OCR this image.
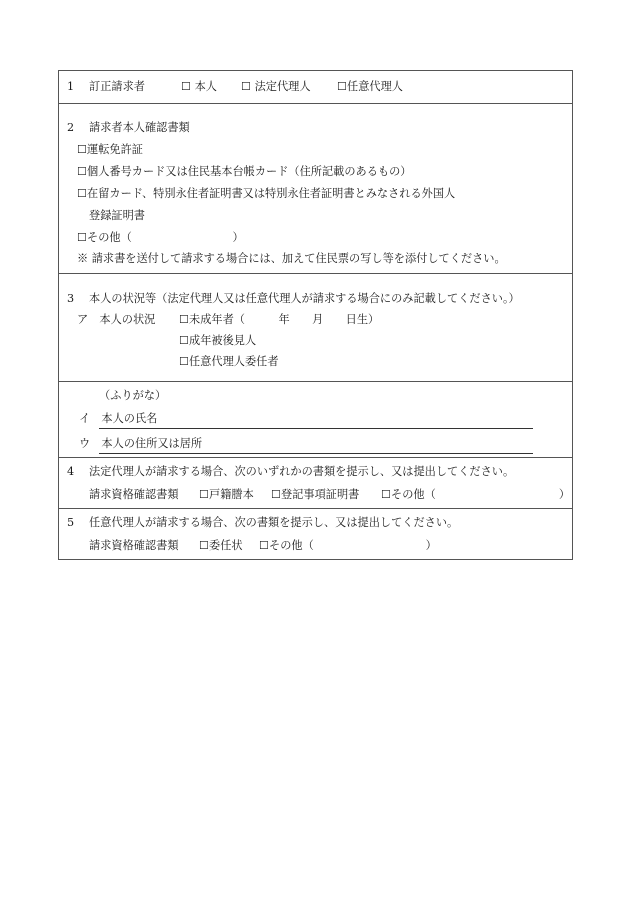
1 訂正請求者	☐ 本人 ☐ 法定代理人 ☐任意代理人
2 請求者本人確認書類
☐運転免許証
☐個人番号カード又は住民基本台帳カード（住所記載のあるもの）
☐在留カード、特別永住者証明書又は特別永住者証明書とみなされる外国人
登録証明書
☐その他（　　　　　　　　　）
※ 請求書を送付して請求する場合には、加えて住民票の写し等を添付してください。
3 本人の状況等（法定代理人又は任意代理人が請求する場合にのみ記載してください。）
ア　本人の状況 ☐未成年者（　　　年　　月　　日生）
☐成年被後見人
☐任意代理人委任者
（ふりがな）
イ　本人の氏名
ウ　本人の住所又は居所
4 法定代理人が請求する場合、次のいずれかの書類を提示し、又は提出してください。
請求資格確認書類 ☐戸籍謄本 ☐登記事項証明書 ☐その他（　　　　　　　　　　　）
5 任意代理人が請求する場合、次の書類を提示し、又は提出してください。
請求資格確認書類 ☐委任状 ☐その他（　　　　　　　　　　）
